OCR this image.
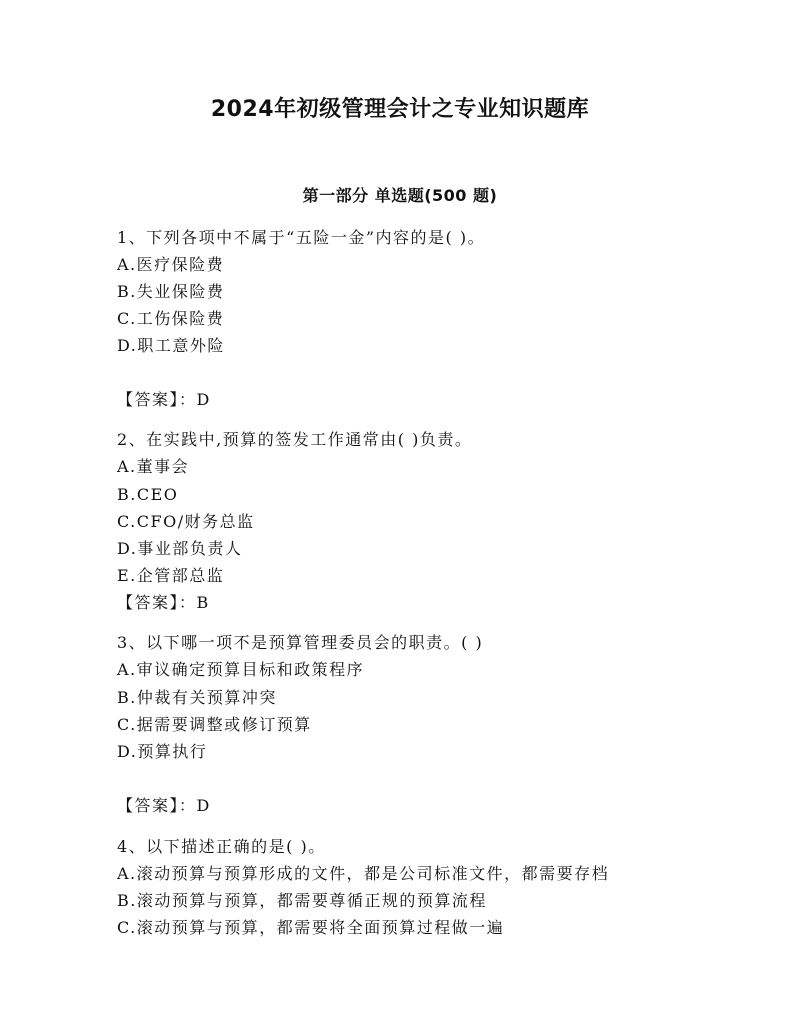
2024年初级管理会计之专业知识题库
第一部分 单选题(500 题)
1、下列各项中不属于“五险一金”内容的是( )。
A.医疗保险费
B.失业保险费
C.工伤保险费
D.职工意外险
【答案】：D
2、在实践中,预算的签发工作通常由( )负责。
A.董事会
B.CEO
C.CFO/财务总监
D.事业部负责人
E.企管部总监
【答案】：B
3、以下哪一项不是预算管理委员会的职责。( )
A.审议确定预算目标和政策程序
B.仲裁有关预算冲突
C.据需要调整或修订预算
D.预算执行
【答案】：D
4、以下描述正确的是( )。
A.滚动预算与预算形成的文件，都是公司标准文件，都需要存档
B.滚动预算与预算，都需要尊循正规的预算流程
C.滚动预算与预算，都需要将全面预算过程做一遍
